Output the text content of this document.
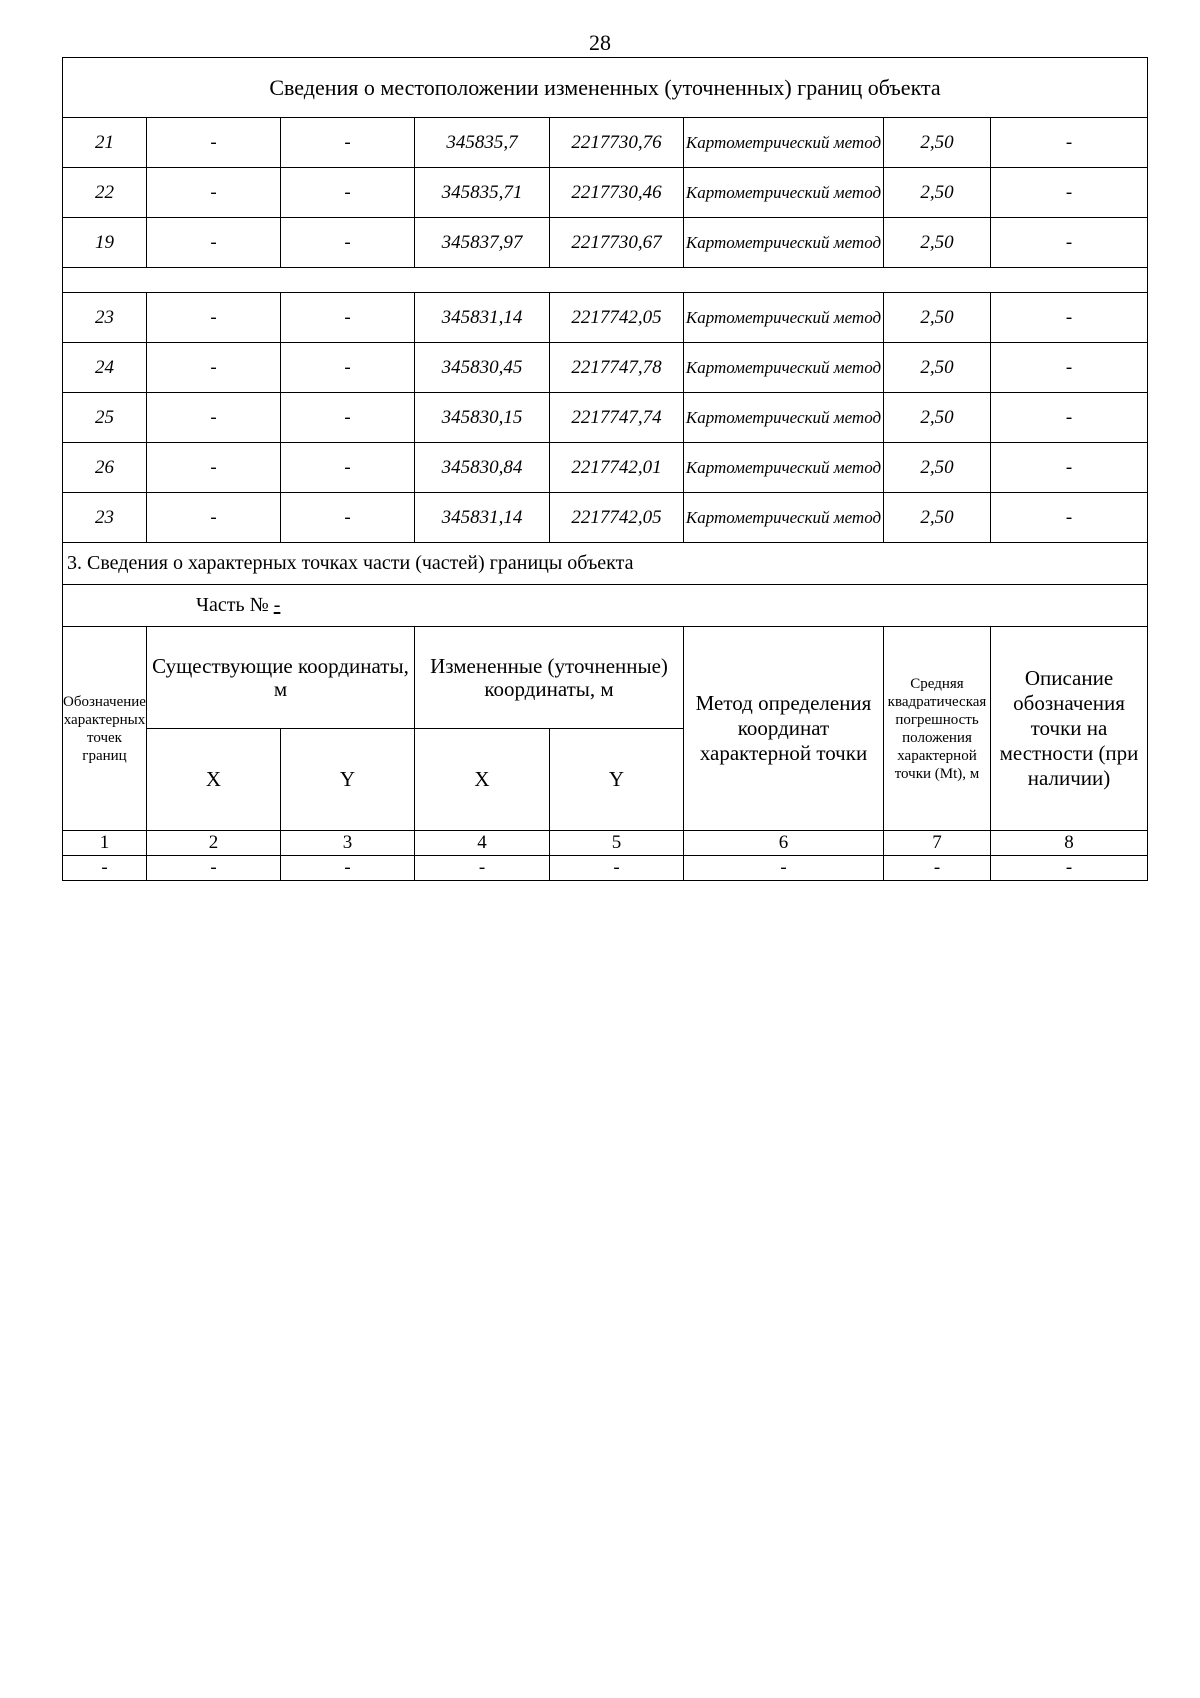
28
Сведения о местоположении измененных (уточненных) границ объекта							
21	-	-	345835,7	2217730,76	Картометрический метод	2,50	-
22	-	-	345835,71	2217730,46	Картометрический метод	2,50	-
19	-	-	345837,97	2217730,67	Картометрический метод	2,50	-

23	-	-	345831,14	2217742,05	Картометрический метод	2,50	-
24	-	-	345830,45	2217747,78	Картометрический метод	2,50	-
25	-	-	345830,15	2217747,74	Картометрический метод	2,50	-
26	-	-	345830,84	2217742,01	Картометрический метод	2,50	-
23	-	-	345831,14	2217742,05	Картометрический метод	2,50	-
3. Сведения о характерных точках части (частей) границы объекта							
Часть № -							
Обозначение характерных точек границ	Существующие координаты, м		Измененные (уточненные) координаты, м		Метод определения координат характерной точки	Средняя квадратическая погрешность положения характерной точки (Mt), м	Описание обозначения точки на местности (при наличии)
	X	Y	X	Y			
1	2	3	4	5	6	7	8
-	-	-	-	-	-	-	-
